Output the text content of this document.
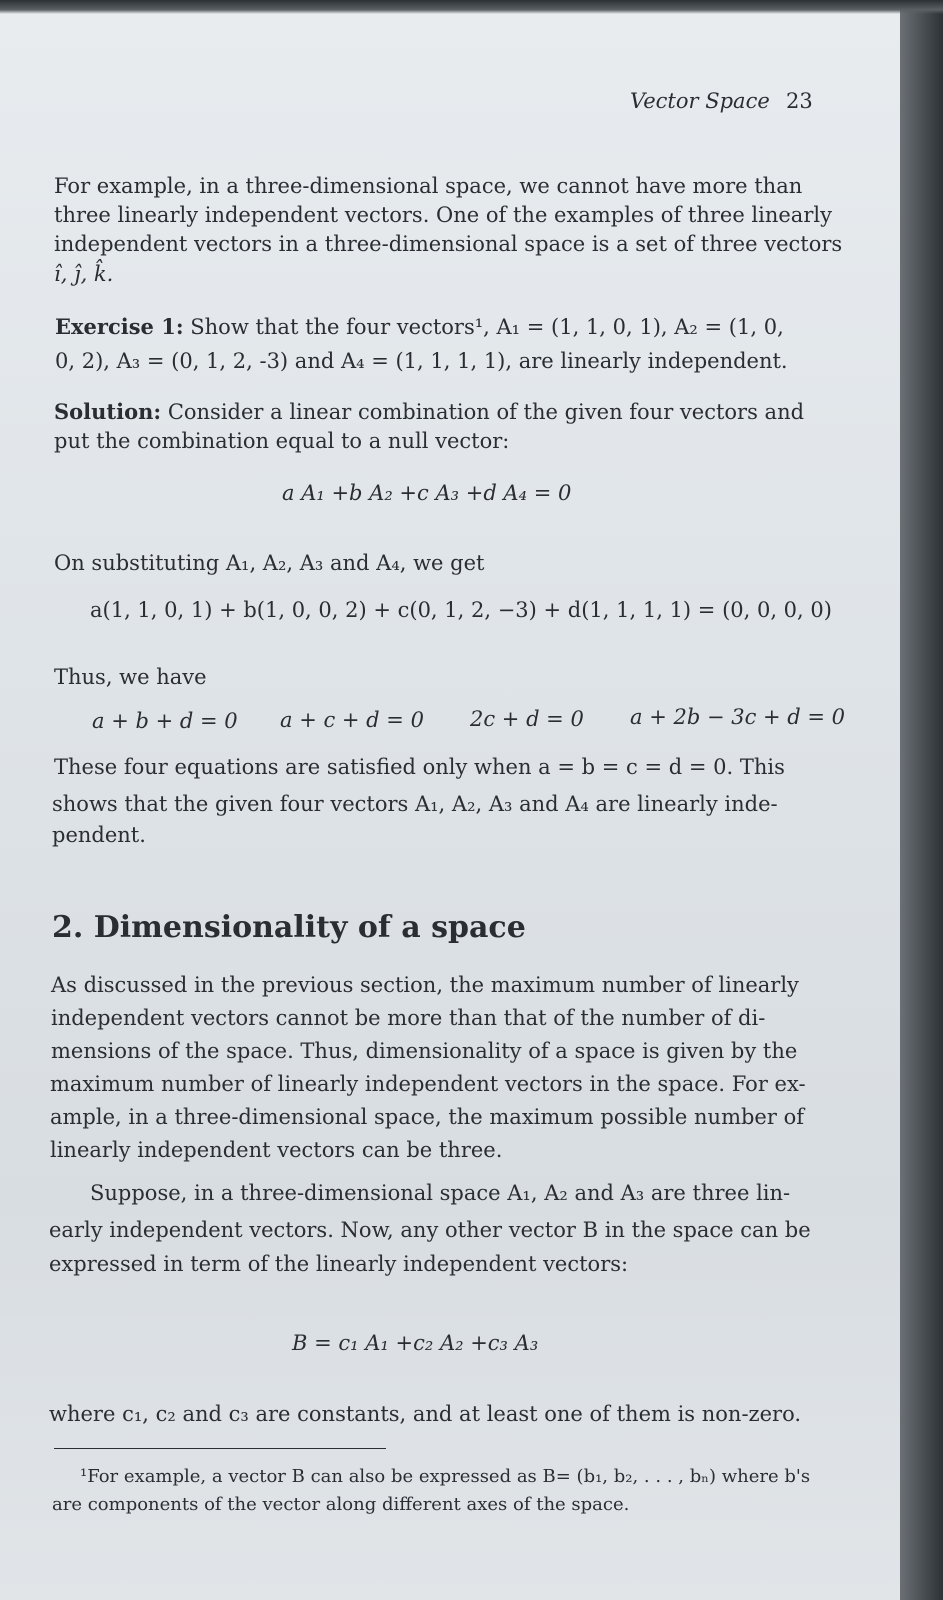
Vector Space 23
For example, in a three-dimensional space, we cannot have more than
three linearly independent vectors. One of the examples of three linearly
independent vectors in a three-dimensional space is a set of three vectors
î, ĵ, k̂.
Exercise 1: Show that the four vectors¹, A₁ = (1, 1, 0, 1), A₂ = (1, 0,
0, 2), A₃ = (0, 1, 2, -3) and A₄ = (1, 1, 1, 1), are linearly independent.
Solution: Consider a linear combination of the given four vectors and
put the combination equal to a null vector:
a A₁ +b A₂ +c A₃ +d A₄ = 0
On substituting A₁, A₂, A₃ and A₄, we get
a(1, 1, 0, 1) + b(1, 0, 0, 2) + c(0, 1, 2, −3) + d(1, 1, 1, 1) = (0, 0, 0, 0)
Thus, we have
a + b + d = 0 a + c + d = 0 2c + d = 0 a + 2b − 3c + d = 0
These four equations are satisfied only when a = b = c = d = 0. This
shows that the given four vectors A₁, A₂, A₃ and A₄ are linearly inde-
pendent.
2. Dimensionality of a space
As discussed in the previous section, the maximum number of linearly
independent vectors cannot be more than that of the number of di-
mensions of the space. Thus, dimensionality of a space is given by the
maximum number of linearly independent vectors in the space. For ex-
ample, in a three-dimensional space, the maximum possible number of
linearly independent vectors can be three.
Suppose, in a three-dimensional space A₁, A₂ and A₃ are three lin-
early independent vectors. Now, any other vector B in the space can be
expressed in term of the linearly independent vectors:
B = c₁ A₁ +c₂ A₂ +c₃ A₃
where c₁, c₂ and c₃ are constants, and at least one of them is non-zero.
¹For example, a vector B can also be expressed as B= (b₁, b₂, . . . , bₙ) where b's
are components of the vector along different axes of the space.
